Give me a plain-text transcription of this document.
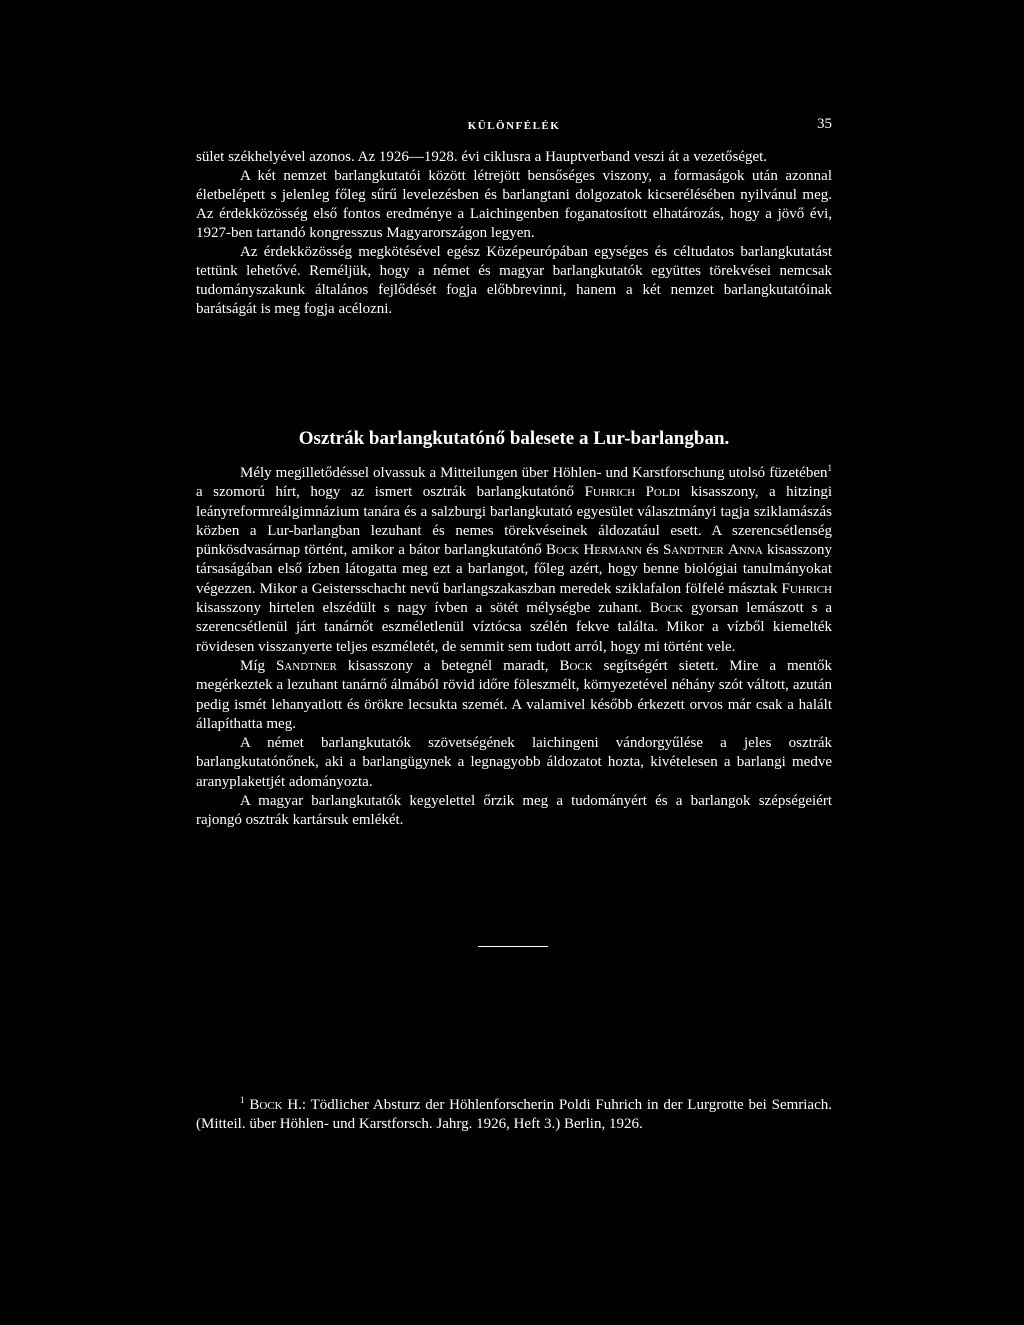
KÜLÖNFÉLÉK	35

sület székhelyével azonos. Az 1926—1928. évi ciklusra a Hauptverband veszi át a vezetőséget.

A két nemzet barlangkutatói között létrejött bensőséges viszony, a formaságok után azonnal életbelépett s jelenleg főleg sűrű levelezésben és barlangtani dolgozatok kicserélésében nyilvánul meg. Az érdekközösség első fontos eredménye a Laichingenben foganatosított elhatározás, hogy a jövő évi, 1927-ben tartandó kongresszus Magyarországon legyen.

Az érdekközösség megkötésével egész Középeurópában egységes és céltudatos barlangkutatást tettünk lehetővé. Reméljük, hogy a német és magyar barlangkutatók együttes törekvései nemcsak tudományszakunk általános fejlődését fogja előbbrevinni, hanem a két nemzet barlangkutatóinak barátságát is meg fogja acélozni.

Osztrák barlangkutatónő balesete a Lur-barlangban.

Mély megilletődéssel olvassuk a Mitteilungen über Höhlen- und Karstforschung utolsó füzetében$^1$ a szomorú hírt, hogy az ismert osztrák barlangkutatónő Fuhrich Poldi kisasszony, a hitzingi leányreformreálgimnázium tanára és a salzburgi barlangkutató egyesület választmányi tagja sziklamászás közben a Lur-barlangban lezuhant és nemes törekvéseinek áldozatául esett. A szerencsétlenség pünkösdvasárnap történt, amikor a bátor barlangkutatónő Bock Hermann és Sandtner Anna kisasszony társaságában első ízben látogatta meg ezt a barlangot, főleg azért, hogy benne biológiai tanulmányokat végezzen. Mikor a Geistersschacht nevű barlangszakaszban meredek sziklafalon fölfelé másztak Fuhrich kisasszony hirtelen elszédült s nagy ívben a sötét mélységbe zuhant. Bock gyorsan lemászott s a szerencsétlenül járt tanárnőt eszméletlenül víztócsa szélén fekve találta. Mikor a vízből kiemelték rövidesen visszanyerte teljes eszméletét, de semmit sem tudott arról, hogy mi történt vele.

Míg Sandtner kisasszony a betegnél maradt, Bock segítségért sietett. Mire a mentők megérkeztek a lezuhant tanárnő álmából rövid időre föleszmélt, környezetével néhány szót váltott, azután pedig ismét lehanyatlott és örökre lecsukta szemét. A valamivel később érkezett orvos már csak a halált állapíthatta meg.

A német barlangkutatók szövetségének laichingeni vándorgyűlése a jeles osztrák barlangkutatónőnek, aki a barlangügynek a legnagyobb áldozatot hozta, kivételesen a barlangi medve aranyplakettjét adományozta.

A magyar barlangkutatók kegyelettel őrzik meg a tudományért és a barlangok szépségeiért rajongó osztrák kartársuk emlékét.

$^1$ Bock H.: Tödlicher Absturz der Höhlenforscherin Poldi Fuhrich in der Lurgrotte bei Semriach. (Mitteil. über Höhlen- und Karstforsch. Jahrg. 1926, Heft 3.) Berlin, 1926.
